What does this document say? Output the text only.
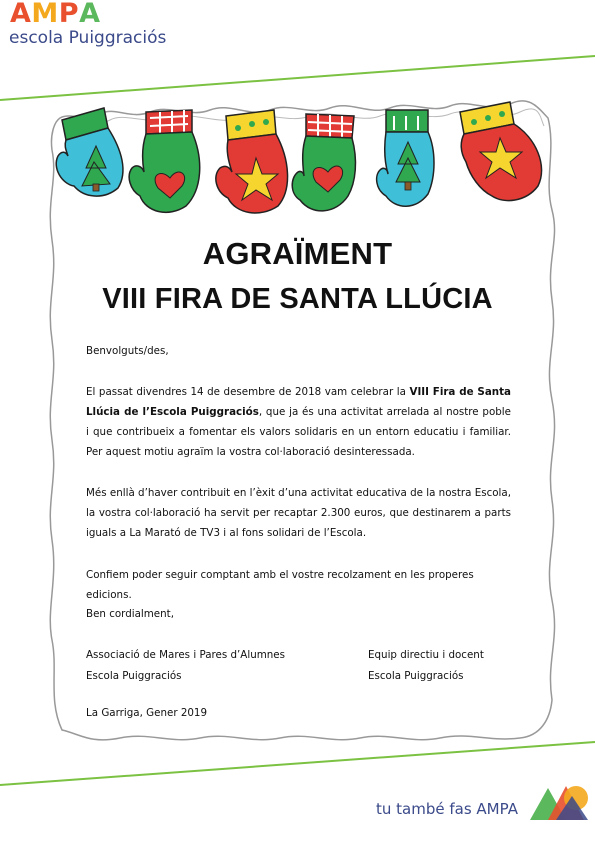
AMPA
escola Puiggraciós
AGRAÏMENT
VIII FIRA DE SANTA LLÚCIA
Benvolguts/des,
El passat divendres 14 de desembre de 2018 vam celebrar la VIII Fira de Santa Llúcia de l’Escola Puiggraciós, que ja és una activitat arrelada al nostre poble i que contribueix a fomentar els valors solidaris en un entorn educatiu i familiar. Per aquest motiu agraïm la vostra col·laboració desinteressada.
Més enllà d’haver contribuit en l’èxit d’una activitat educativa de la nostra Escola, la vostra col·laboració ha servit per recaptar 2.300 euros, que destinarem a parts iguals a La Marató de TV3 i al fons solidari de l’Escola.
Confiem poder seguir comptant amb el vostre recolzament en les properes edicions.
Ben cordialment,
Associació de Mares i Pares d’Alumnes
Escola Puiggraciós
Equip directiu i docent
Escola Puiggraciós
La Garriga, Gener 2019
tu també fas AMPA
